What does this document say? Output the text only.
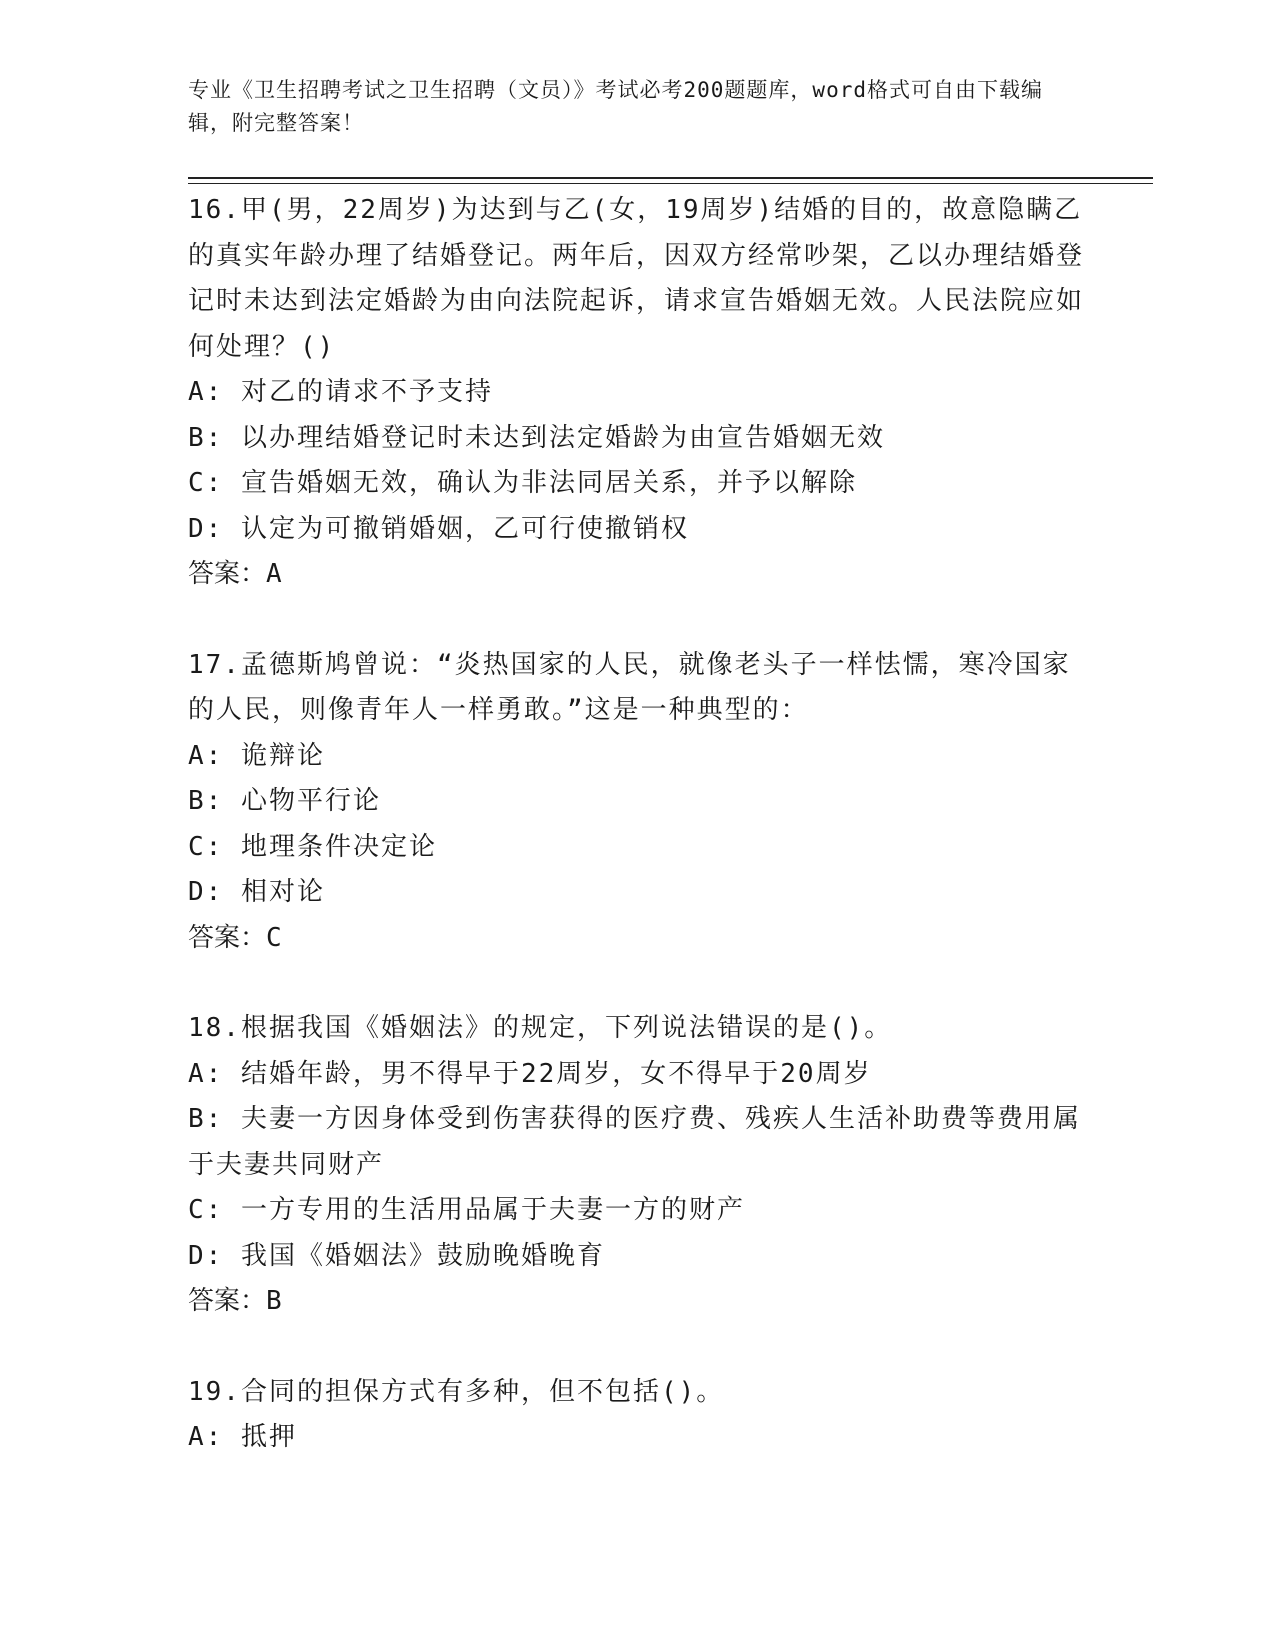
专业《卫生招聘考试之卫生招聘（文员）》考试必考200题题库，word格式可自由下载编辑，附完整答案！

16.甲(男，22周岁)为达到与乙(女，19周岁)结婚的目的，故意隐瞒乙的真实年龄办理了结婚登记。两年后，因双方经常吵架，乙以办理结婚登记时未达到法定婚龄为由向法院起诉，请求宣告婚姻无效。人民法院应如何处理？()

A: 对乙的请求不予支持

B: 以办理结婚登记时未达到法定婚龄为由宣告婚姻无效

C: 宣告婚姻无效，确认为非法同居关系，并予以解除

D: 认定为可撤销婚姻，乙可行使撤销权

答案：A

17.孟德斯鸠曾说：“炎热国家的人民，就像老头子一样怯懦，寒冷国家的人民，则像青年人一样勇敢。”这是一种典型的：

A: 诡辩论

B: 心物平行论

C: 地理条件决定论

D: 相对论

答案：C

18.根据我国《婚姻法》的规定，下列说法错误的是()。

A: 结婚年龄，男不得早于22周岁，女不得早于20周岁

B: 夫妻一方因身体受到伤害获得的医疗费、残疾人生活补助费等费用属于夫妻共同财产

C: 一方专用的生活用品属于夫妻一方的财产

D: 我国《婚姻法》鼓励晚婚晚育

答案：B

19.合同的担保方式有多种，但不包括()。

A: 抵押
